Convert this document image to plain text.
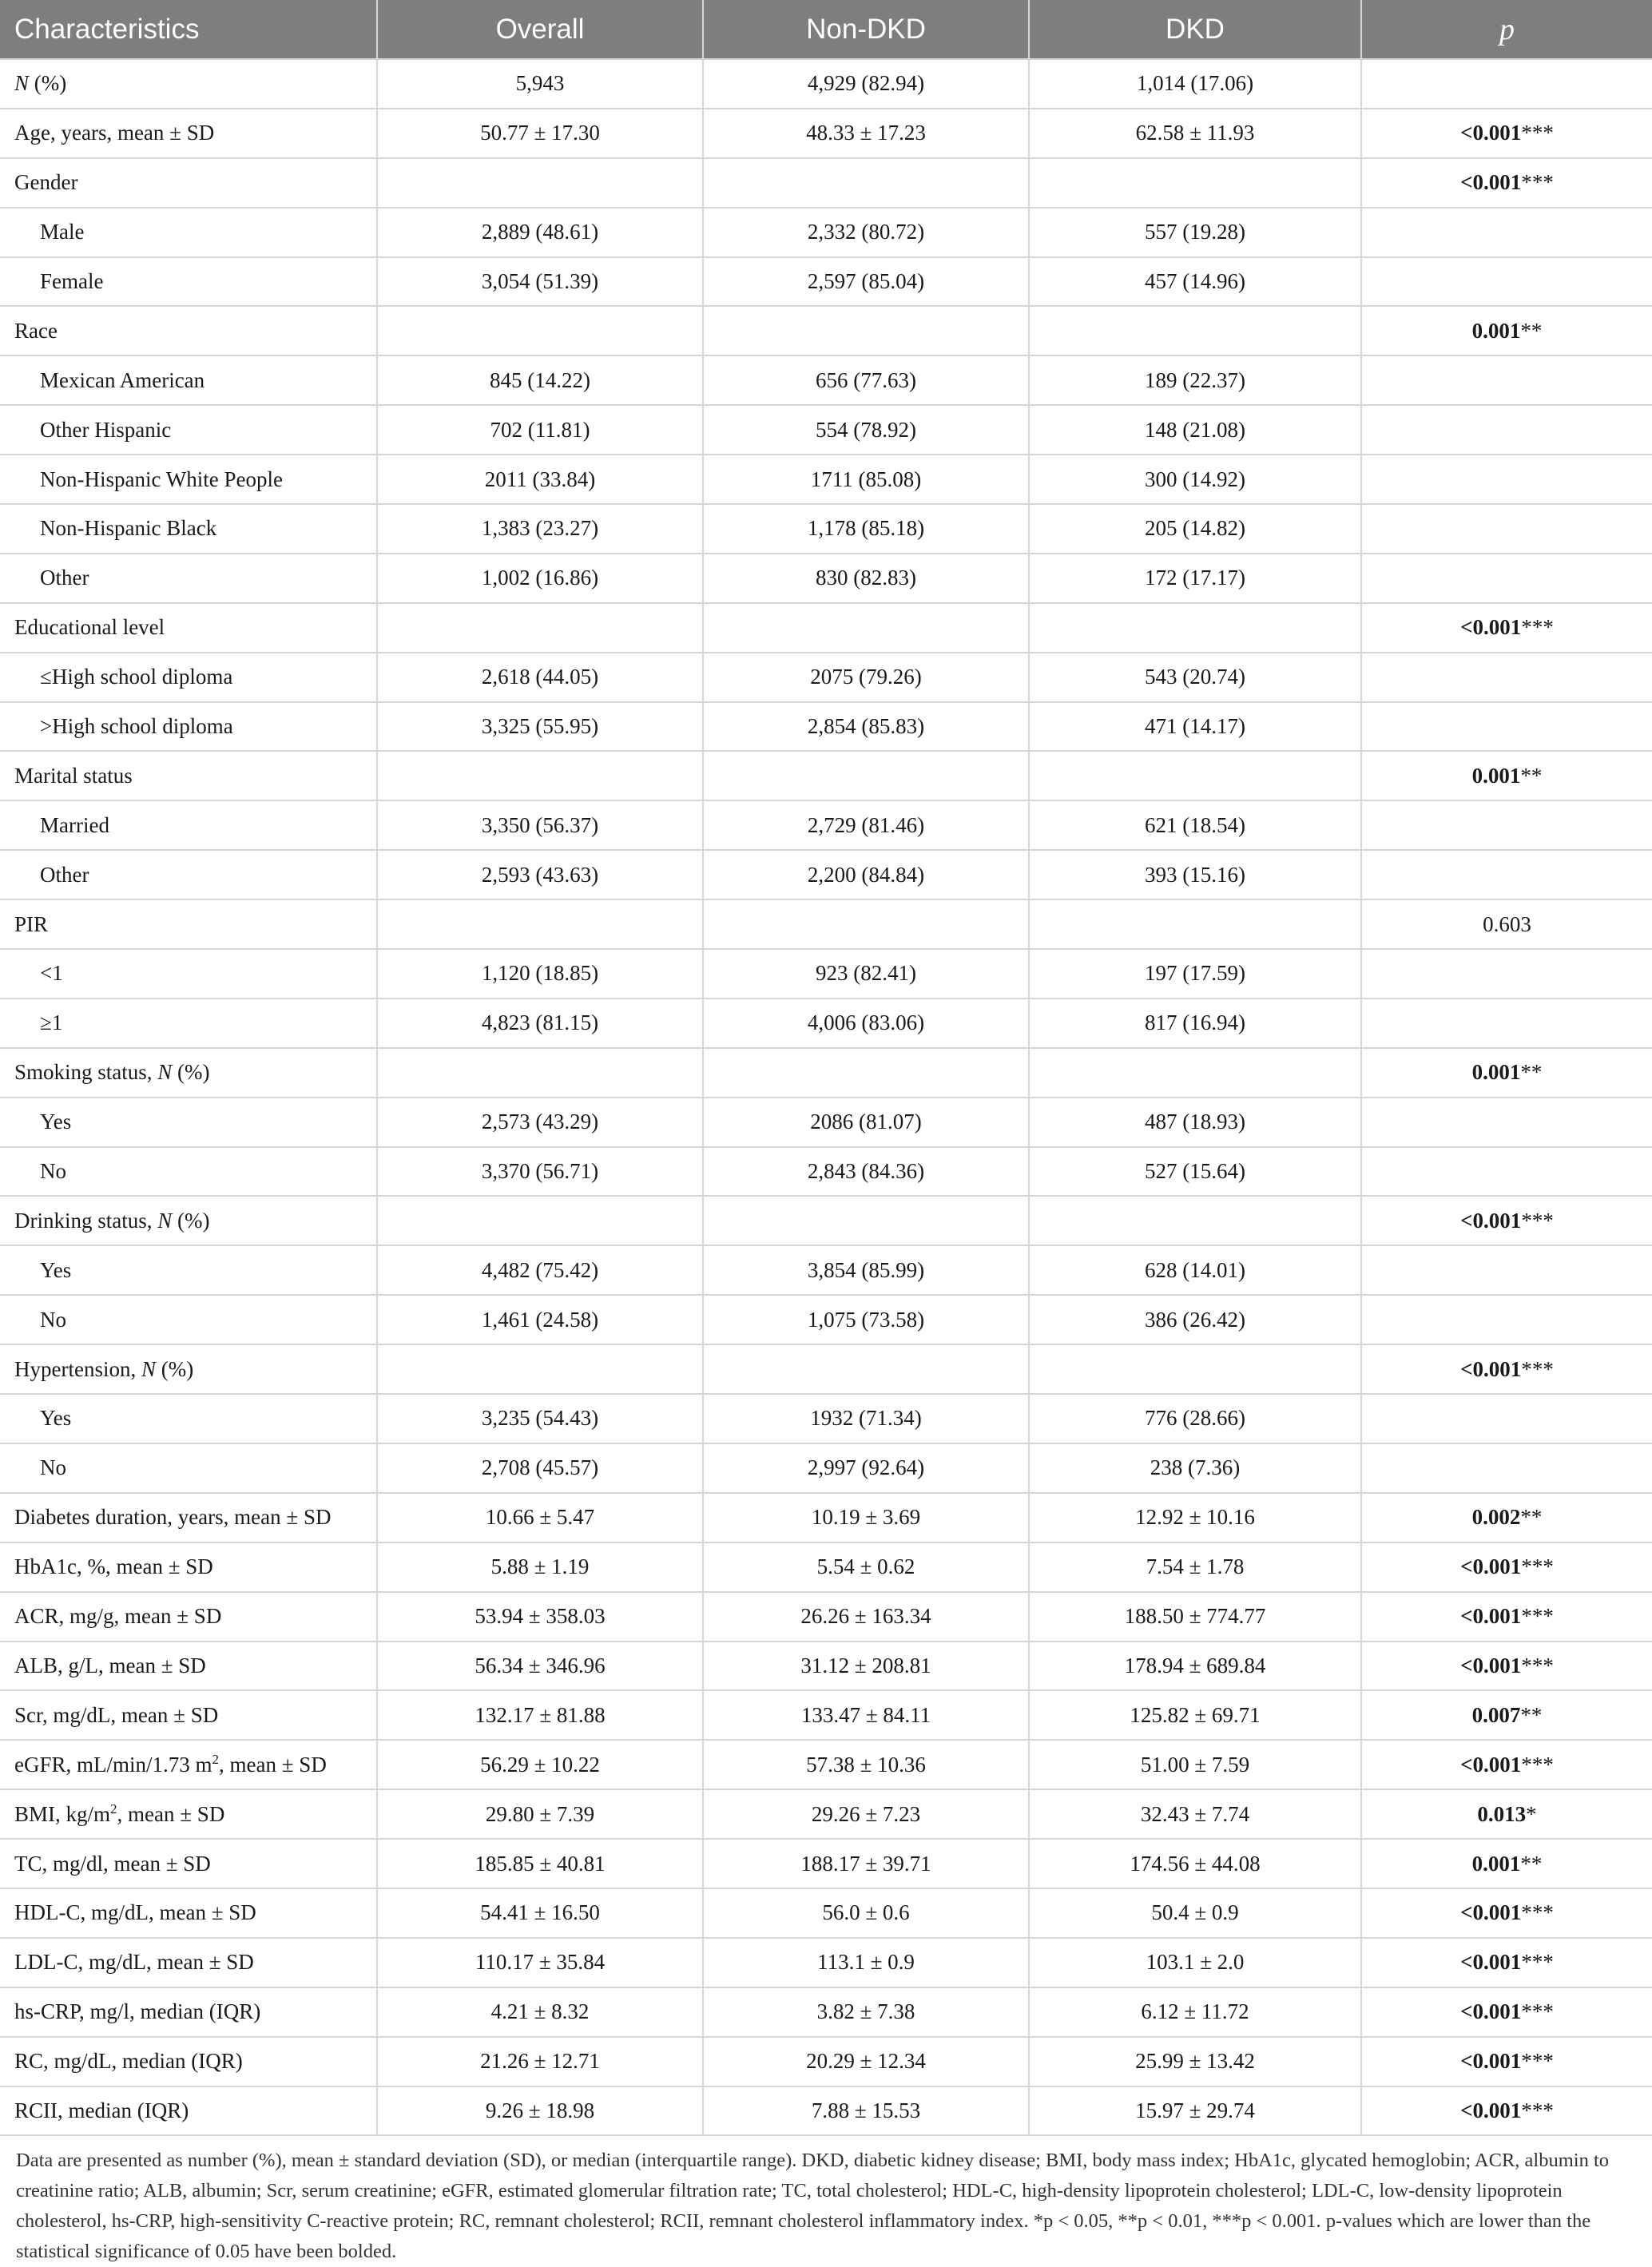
Characteristics	Overall	Non-DKD	DKD	p
N (%)	5,943	4,929 (82.94)	1,014 (17.06)	
Age, years, mean ± SD	50.77 ± 17.30	48.33 ± 17.23	62.58 ± 11.93	<0.001***
Gender				<0.001***
Male	2,889 (48.61)	2,332 (80.72)	557 (19.28)	
Female	3,054 (51.39)	2,597 (85.04)	457 (14.96)	
Race				0.001**
Mexican American	845 (14.22)	656 (77.63)	189 (22.37)	
Other Hispanic	702 (11.81)	554 (78.92)	148 (21.08)	
Non-Hispanic White People	2011 (33.84)	1711 (85.08)	300 (14.92)	
Non-Hispanic Black	1,383 (23.27)	1,178 (85.18)	205 (14.82)	
Other	1,002 (16.86)	830 (82.83)	172 (17.17)	
Educational level				<0.001***
≤High school diploma	2,618 (44.05)	2075 (79.26)	543 (20.74)	
>High school diploma	3,325 (55.95)	2,854 (85.83)	471 (14.17)	
Marital status				0.001**
Married	3,350 (56.37)	2,729 (81.46)	621 (18.54)	
Other	2,593 (43.63)	2,200 (84.84)	393 (15.16)	
PIR				0.603
<1	1,120 (18.85)	923 (82.41)	197 (17.59)	
≥1	4,823 (81.15)	4,006 (83.06)	817 (16.94)	
Smoking status, N (%)				0.001**
Yes	2,573 (43.29)	2086 (81.07)	487 (18.93)	
No	3,370 (56.71)	2,843 (84.36)	527 (15.64)	
Drinking status, N (%)				<0.001***
Yes	4,482 (75.42)	3,854 (85.99)	628 (14.01)	
No	1,461 (24.58)	1,075 (73.58)	386 (26.42)	
Hypertension, N (%)				<0.001***
Yes	3,235 (54.43)	1932 (71.34)	776 (28.66)	
No	2,708 (45.57)	2,997 (92.64)	238 (7.36)	
Diabetes duration, years, mean ± SD	10.66 ± 5.47	10.19 ± 3.69	12.92 ± 10.16	0.002**
HbA1c, %, mean ± SD	5.88 ± 1.19	5.54 ± 0.62	7.54 ± 1.78	<0.001***
ACR, mg/g, mean ± SD	53.94 ± 358.03	26.26 ± 163.34	188.50 ± 774.77	<0.001***
ALB, g/L, mean ± SD	56.34 ± 346.96	31.12 ± 208.81	178.94 ± 689.84	<0.001***
Scr, mg/dL, mean ± SD	132.17 ± 81.88	133.47 ± 84.11	125.82 ± 69.71	0.007**
eGFR, mL/min/1.73 $m^2$, mean ± SD	56.29 ± 10.22	57.38 ± 10.36	51.00 ± 7.59	<0.001***
BMI, $kg/m^2$, mean ± SD	29.80 ± 7.39	29.26 ± 7.23	32.43 ± 7.74	0.013*
TC, mg/dl, mean ± SD	185.85 ± 40.81	188.17 ± 39.71	174.56 ± 44.08	0.001**
HDL-C, mg/dL, mean ± SD	54.41 ± 16.50	56.0 ± 0.6	50.4 ± 0.9	<0.001***
LDL-C, mg/dL, mean ± SD	110.17 ± 35.84	113.1 ± 0.9	103.1 ± 2.0	<0.001***
hs-CRP, mg/l, median (IQR)	4.21 ± 8.32	3.82 ± 7.38	6.12 ± 11.72	<0.001***
RC, mg/dL, median (IQR)	21.26 ± 12.71	20.29 ± 12.34	25.99 ± 13.42	<0.001***
RCII, median (IQR)	9.26 ± 18.98	7.88 ± 15.53	15.97 ± 29.74	<0.001***
Data are presented as number (%), mean ± standard deviation (SD), or median (interquartile range). DKD, diabetic kidney disease; BMI, body mass index; HbA1c, glycated hemoglobin; ACR, albumin to creatinine ratio; ALB, albumin; Scr, serum creatinine; eGFR, estimated glomerular filtration rate; TC, total cholesterol; HDL-C, high-density lipoprotein cholesterol; LDL-C, low-density lipoprotein cholesterol, hs-CRP, high-sensitivity C-reactive protein; RC, remnant cholesterol; RCII, remnant cholesterol inflammatory index. *p < 0.05, **p < 0.01, ***p < 0.001. p-values which are lower than the statistical significance of 0.05 have been bolded.
